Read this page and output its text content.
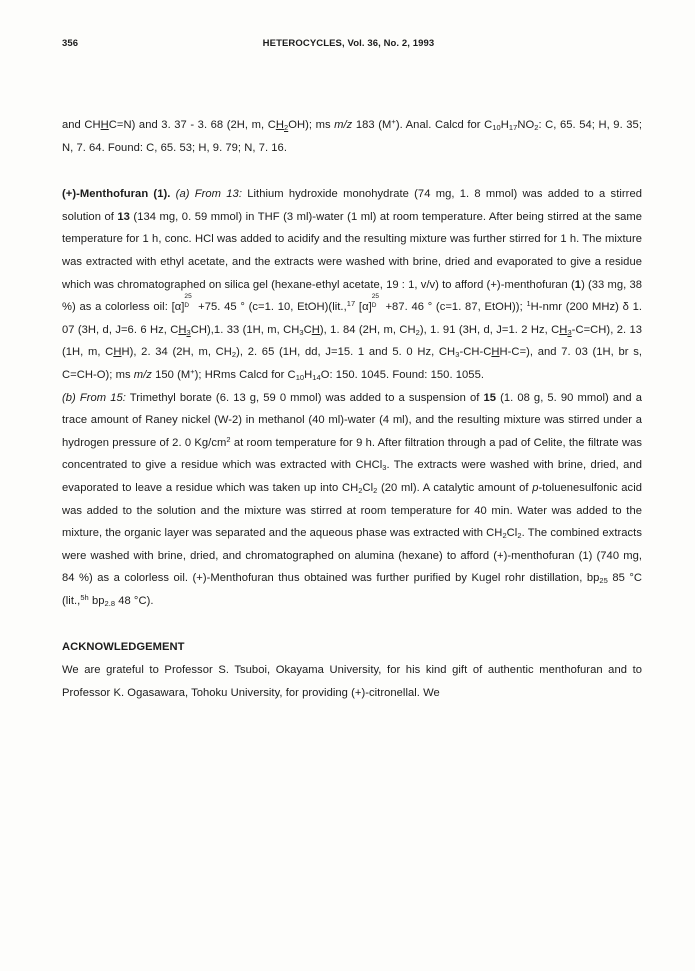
356	HETEROCYCLES, Vol. 36, No. 2, 1993

and CHHC=N) and 3. 37 - 3. 68 (2H, m, $CH_2OH$); ms m/z 183 (M+). Anal. Calcd for $C_{10}H_{17}NO_2$: C, 65. 54; H, 9. 35; N, 7. 64. Found: C, 65. 53; H, 9. 79; N, 7. 16.

(+)-Menthofuran (1). (a) From 13: Lithium hydroxide monohydrate (74 mg, 1. 8 mmol) was added to a stirred solution of 13 (134 mg, 0. 59 mmol) in THF (3 ml)-water (1 ml) at room temperature. After being stirred at the same temperature for 1 h, conc. HCl was added to acidify and the resulting mixture was further stirred for 1 h. The mixture was extracted with ethyl acetate, and the extracts were washed with brine, dried and evaporated to give a residue which was chromatographed on silica gel (hexane-ethyl acetate, 19 : 1, v/v) to afford (+)-menthofuran (1) (33 mg, 38 %) as a colorless oil: [α]
25
D +75. 45 ° (c=1. 10, EtOH)(lit.,$^{17}$ [α]
25
D +87. 46 ° (c=1. 87, EtOH)); $^1$H-nmr (200 MHz) δ 1. 07 (3H, d, J=6. 6 Hz, $CH_3CH),1$. 33 (1H, m, $CH_3CH$), 1. 84 (2H, m, $CH_2$), 1. 91 (3H, d, J=1. 2 Hz, $CH_3-C=CH$), 2. 13 (1H, m, CHH), 2. 34 (2H, m, $CH_2$), 2. 65 (1H, dd, J=15. 1 and 5. 0 Hz, $CH_3-CH-CHH-C=$), and 7. 03 (1H, br s, C=CH-O); ms m/z 150 (M+); HRms Calcd for $C_{10}H_{14}O$: 150. 1045. Found: 150. 1055.

(b) From 15: Trimethyl borate (6. 13 g, 59 0 mmol) was added to a suspension of 15 (1. 08 g, 5. 90 mmol) and a trace amount of Raney nickel (W-2) in methanol (40 ml)-water (4 ml), and the resulting mixture was stirred under a hydrogen pressure of 2. 0 $Kg/cm^2$ at room temperature for 9 h. After filtration through a pad of Celite, the filtrate was concentrated to give a residue which was extracted with CHCl$_3$. The extracts were washed with brine, dried, and evaporated to leave a residue which was taken up into $CH_2Cl_2$ (20 ml). A catalytic amount of p-toluenesulfonic acid was added to the solution and the mixture was stirred at room temperature for 40 min. Water was added to the mixture, the organic layer was separated and the aqueous phase was extracted with $CH_2Cl_2$. The combined extracts were washed with brine, dried, and chromatographed on alumina (hexane) to afford (+)-menthofuran (1) (740 mg, 84 %) as a colorless oil. (+)-Menthofuran thus obtained was further purified by Kugel rohr distillation, $bp_{25}$ 85 °C (lit.,$^{5h}$ $bp_{2.8}$ 48 °C).

ACKNOWLEDGEMENT

We are grateful to Professor S. Tsuboi, Okayama University, for his kind gift of authentic menthofuran and to Professor K. Ogasawara, Tohoku University, for providing (+)-citronellal. We
